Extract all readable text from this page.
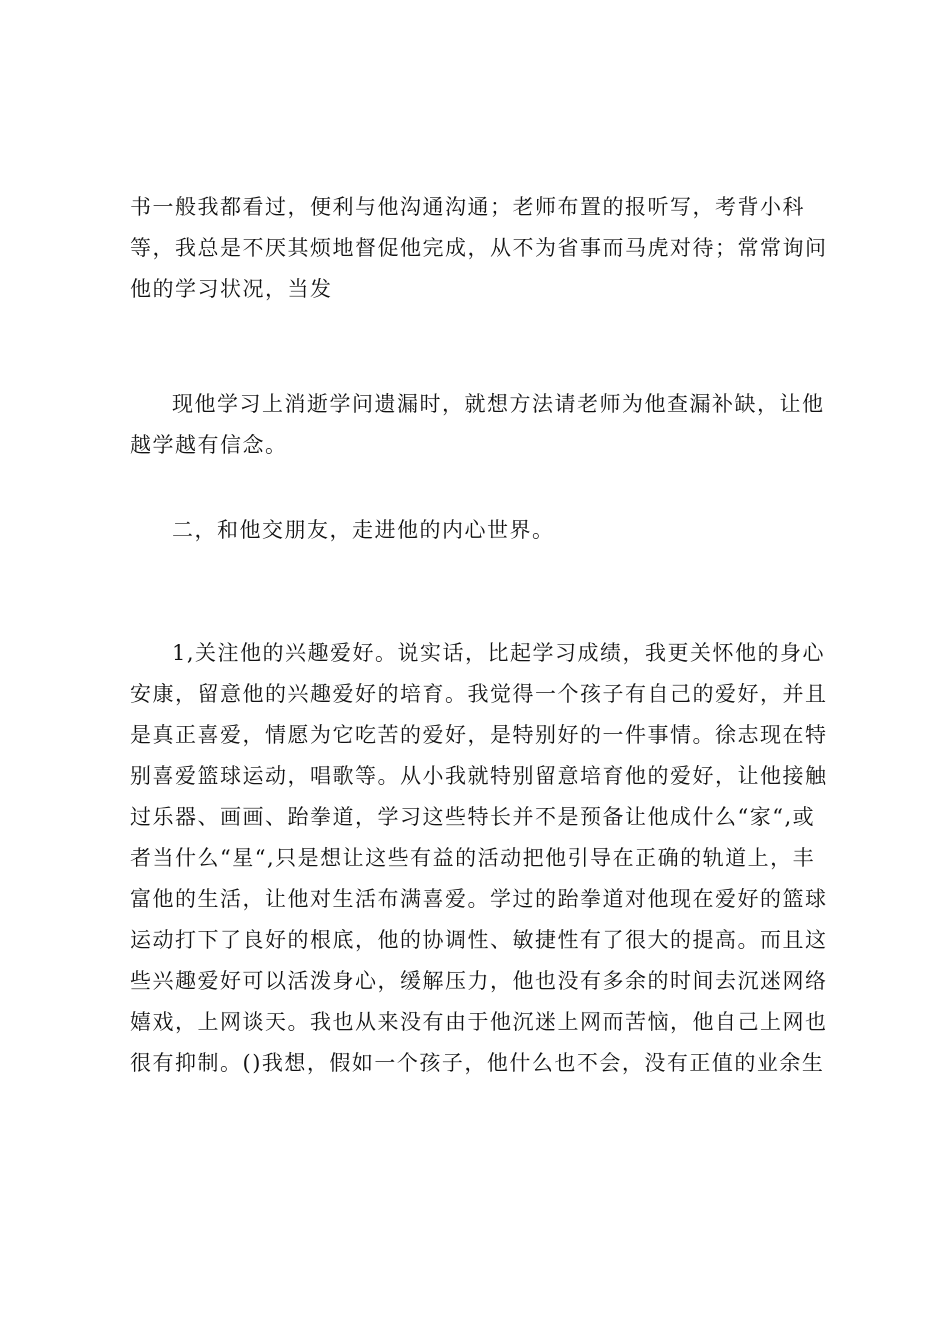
书一般我都看过，便利与他沟通沟通；老师布置的报听写，考背小科
等，我总是不厌其烦地督促他完成，从不为省事而马虎对待；常常询问
他的学习状况，当发
现他学习上消逝学问遗漏时，就想方法请老师为他查漏补缺，让他
越学越有信念。
二，和他交朋友，走进他的内心世界。
1,关注他的兴趣爱好。说实话，比起学习成绩，我更关怀他的身心
安康，留意他的兴趣爱好的培育。我觉得一个孩子有自己的爱好，并且
是真正喜爱，情愿为它吃苦的爱好，是特别好的一件事情。徐志现在特
别喜爱篮球运动，唱歌等。从小我就特别留意培育他的爱好，让他接触
过乐器、画画、跆拳道，学习这些特长并不是预备让他成什么“家“,或
者当什么“星“,只是想让这些有益的活动把他引导在正确的轨道上，丰
富他的生活，让他对生活布满喜爱。学过的跆拳道对他现在爱好的篮球
运动打下了良好的根底，他的协调性、敏捷性有了很大的提高。而且这
些兴趣爱好可以活泼身心，缓解压力，他也没有多余的时间去沉迷网络
嬉戏，上网谈天。我也从来没有由于他沉迷上网而苦恼，他自己上网也
很有抑制。()我想，假如一个孩子，他什么也不会，没有正值的业余生
